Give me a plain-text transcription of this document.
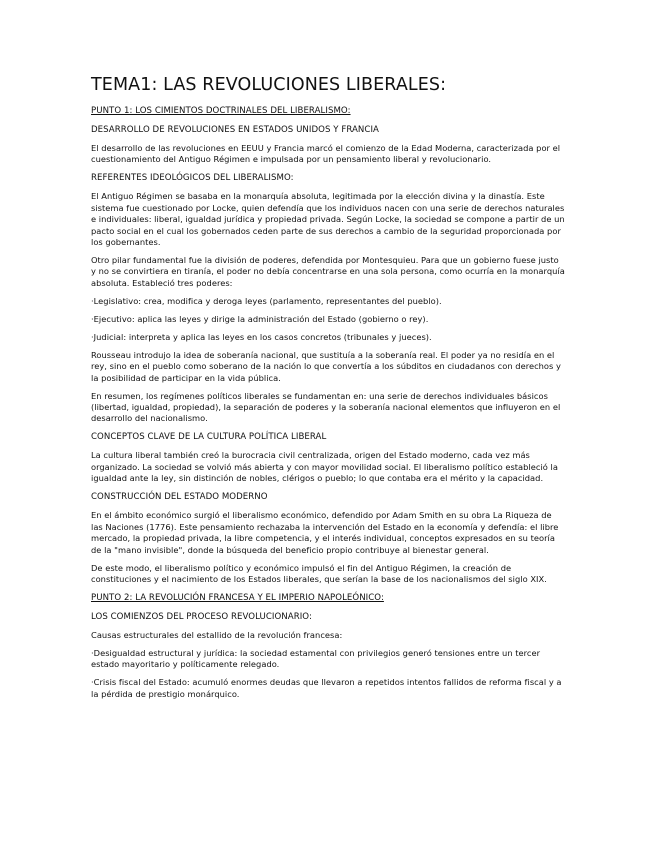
TEMA1: LAS REVOLUCIONES LIBERALES:
PUNTO 1: LOS CIMIENTOS DOCTRINALES DEL LIBERALISMO:
DESARROLLO DE REVOLUCIONES EN ESTADOS UNIDOS Y FRANCIA

El desarrollo de las revoluciones en EEUU y Francia marcó el comienzo de la Edad Moderna, caracterizada por el cuestionamiento del Antiguo Régimen e impulsada por un pensamiento liberal y revolucionario.

REFERENTES IDEOLÓGICOS DEL LIBERALISMO:

El Antiguo Régimen se basaba en la monarquía absoluta, legitimada por la elección divina y la dinastía. Este sistema fue cuestionado por Locke, quien defendía que los individuos nacen con una serie de derechos naturales e individuales: liberal, igualdad jurídica y propiedad privada. Según Locke, la sociedad se compone a partir de un pacto social en el cual los gobernados ceden parte de sus derechos a cambio de la seguridad proporcionada por los gobernantes.

Otro pilar fundamental fue la división de poderes, defendida por Montesquieu. Para que un gobierno fuese justo y no se convirtiera en tiranía, el poder no debía concentrarse en una sola persona, como ocurría en la monarquía absoluta. Estableció tres poderes:

·Legislativo: crea, modifica y deroga leyes (parlamento, representantes del pueblo).

·Ejecutivo: aplica las leyes y dirige la administración del Estado (gobierno o rey).

·Judicial: interpreta y aplica las leyes en los casos concretos (tribunales y jueces).

Rousseau introdujo la idea de soberanía nacional, que sustituía a la soberanía real. El poder ya no residía en el rey, sino en el pueblo como soberano de la nación lo que convertía a los súbditos en ciudadanos con derechos y la posibilidad de participar en la vida pública.

En resumen, los regímenes políticos liberales se fundamentan en: una serie de derechos individuales básicos (libertad, igualdad, propiedad), la separación de poderes y la soberanía nacional elementos que influyeron en el desarrollo del nacionalismo.

CONCEPTOS CLAVE DE LA CULTURA POLÍTICA LIBERAL

La cultura liberal también creó la burocracia civil centralizada, origen del Estado moderno, cada vez más organizado. La sociedad se volvió más abierta y con mayor movilidad social. El liberalismo político estableció la igualdad ante la ley, sin distinción de nobles, clérigos o pueblo; lo que contaba era el mérito y la capacidad.

CONSTRUCCIÓN DEL ESTADO MODERNO

En el ámbito económico surgió el liberalismo económico, defendido por Adam Smith en su obra La Riqueza de las Naciones (1776). Este pensamiento rechazaba la intervención del Estado en la economía y defendía: el libre mercado, la propiedad privada, la libre competencia, y el interés individual, conceptos expresados en su teoría de la "mano invisible", donde la búsqueda del beneficio propio contribuye al bienestar general.

De este modo, el liberalismo político y económico impulsó el fin del Antiguo Régimen, la creación de constituciones y el nacimiento de los Estados liberales, que serían la base de los nacionalismos del siglo XIX.

PUNTO 2: LA REVOLUCIÓN FRANCESA Y EL IMPERIO NAPOLEÓNICO:
LOS COMIENZOS DEL PROCESO REVOLUCIONARIO:

Causas estructurales del estallido de la revolución francesa:

·Desigualdad estructural y jurídica: la sociedad estamental con privilegios generó tensiones entre un tercer estado mayoritario y políticamente relegado.

·Crisis fiscal del Estado: acumuló enormes deudas que llevaron a repetidos intentos fallidos de reforma fiscal y a la pérdida de prestigio monárquico.
